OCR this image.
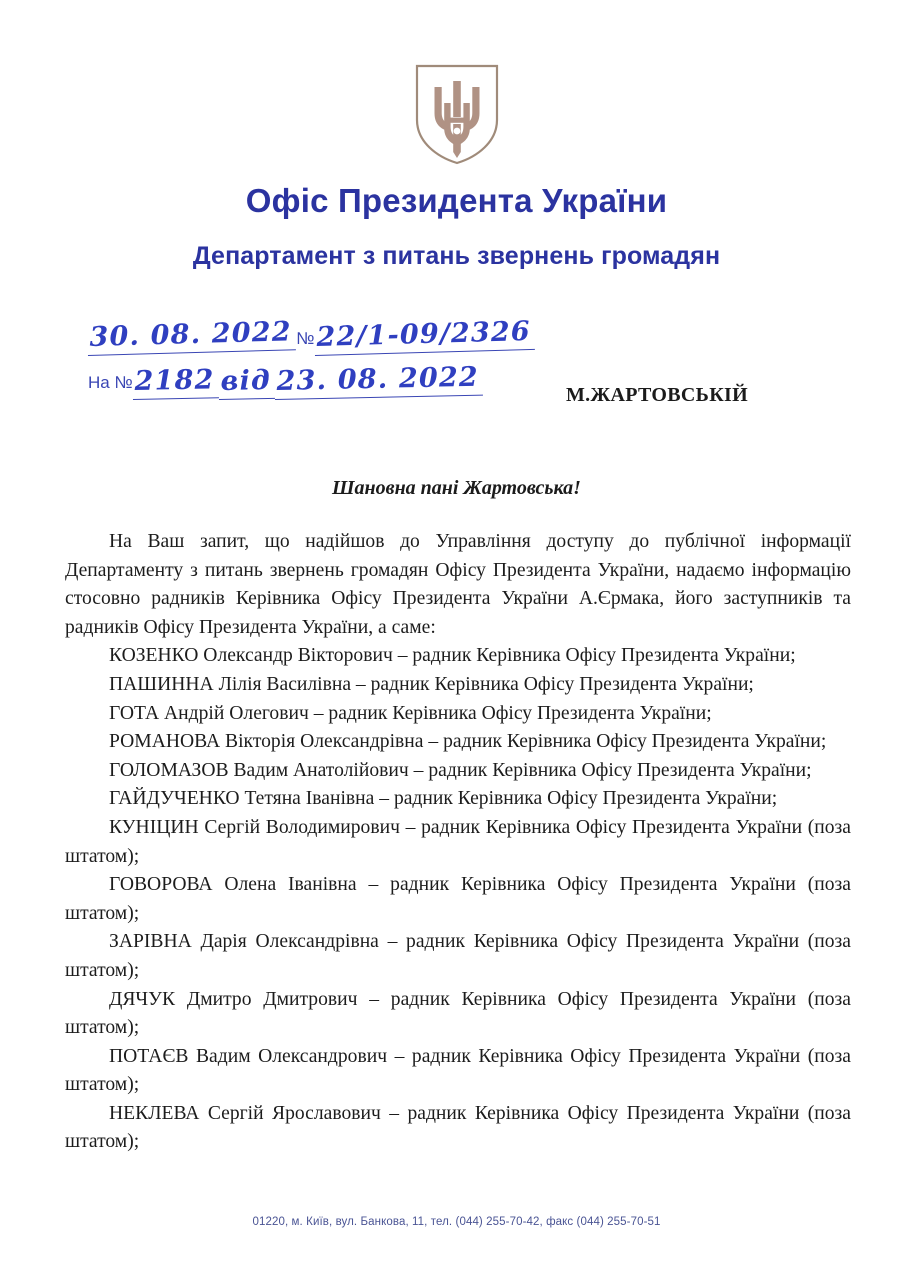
Офіс Президента України
Департамент з питань звернень громадян
30. 08. 2022 № 22/1-09/2326
На № 2182 від 23. 08. 2022	М.ЖАРТОВСЬКІЙ
Шановна пані Жартовська!

На Ваш запит, що надійшов до Управління доступу до публічної інформації Департаменту з питань звернень громадян Офісу Президента України, надаємо інформацію стосовно радників Керівника Офісу Президента України А.Єрмака, його заступників та радників Офісу Президента України, а саме:

КОЗЕНКО Олександр Вікторович – радник Керівника Офісу Президента України;

ПАШИННА Лілія Василівна – радник Керівника Офісу Президента України;

ГОТА Андрій Олегович – радник Керівника Офісу Президента України;

РОМАНОВА Вікторія Олександрівна – радник Керівника Офісу Президента України;

ГОЛОМАЗОВ Вадим Анатолійович – радник Керівника Офісу Президента України;

ГАЙДУЧЕНКО Тетяна Іванівна – радник Керівника Офісу Президента України;

КУНІЦИН Сергій Володимирович – радник Керівника Офісу Президента України (поза штатом);

ГОВОРОВА Олена Іванівна – радник Керівника Офісу Президента України (поза штатом);

ЗАРІВНА Дарія Олександрівна – радник Керівника Офісу Президента України (поза штатом);

ДЯЧУК Дмитро Дмитрович – радник Керівника Офісу Президента України (поза штатом);

ПОТАЄВ Вадим Олександрович – радник Керівника Офісу Президента України (поза штатом);

НЕКЛЕВА Сергій Ярославович – радник Керівника Офісу Президента України (поза штатом);

01220, м. Київ, вул. Банкова, 11, тел. (044) 255-70-42, факс (044) 255-70-51
